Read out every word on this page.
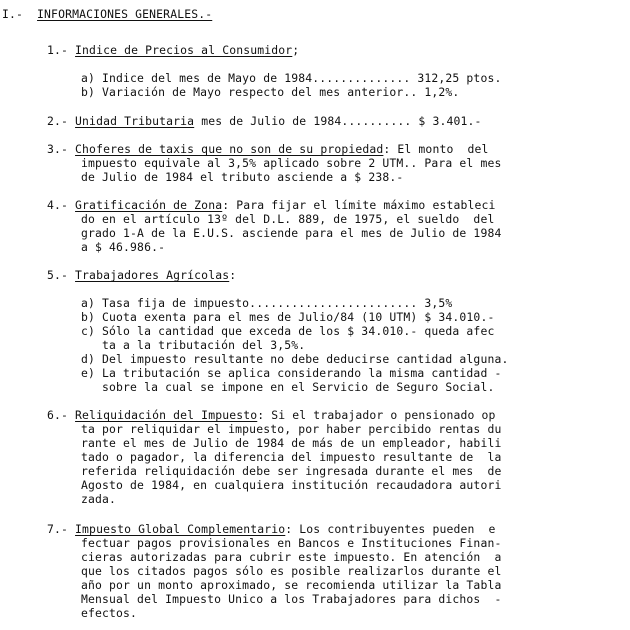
I.- INFORMACIONES GENERALES.-
1.- Indice de Precios al Consumidor;
a) Indice del mes de Mayo de 1984.............. 312,25 ptos.
b) Variación de Mayo respecto del mes anterior.. 1,2%.
2.- Unidad Tributaria mes de Julio de 1984.......... $ 3.401.-
3.- Choferes de taxis que no son de su propiedad: El monto  del
impuesto equivale al 3,5% aplicado sobre 2 UTM.. Para el mes
de Julio de 1984 el tributo asciende a $ 238.-
4.- Gratificación de Zona: Para fijar el límite máximo estableci
do en el artículo 13º del D.L. 889, de 1975, el sueldo  del
grado 1-A de la E.U.S. asciende para el mes de Julio de 1984
a $ 46.986.-
5.- Trabajadores Agrícolas:
a) Tasa fija de impuesto........................ 3,5%
b) Cuota exenta para el mes de Julio/84 (10 UTM) $ 34.010.-
c) Sólo la cantidad que exceda de los $ 34.010.- queda afec
ta a la tributación del 3,5%.
d) Del impuesto resultante no debe deducirse cantidad alguna.
e) La tributación se aplica considerando la misma cantidad -
sobre la cual se impone en el Servicio de Seguro Social.
6.- Reliquidación del Impuesto: Si el trabajador o pensionado op
ta por reliquidar el impuesto, por haber percibido rentas du
rante el mes de Julio de 1984 de más de un empleador, habili
tado o pagador, la diferencia del impuesto resultante de  la
referida reliquidación debe ser ingresada durante el mes  de
Agosto de 1984, en cualquiera institución recaudadora autori
zada.
7.- Impuesto Global Complementario: Los contribuyentes pueden  e
fectuar pagos provisionales en Bancos e Instituciones Finan-
cieras autorizadas para cubrir este impuesto. En atención  a
que los citados pagos sólo es posible realizarlos durante el
año por un monto aproximado, se recomienda utilizar la Tabla
Mensual del Impuesto Unico a los Trabajadores para dichos  -
efectos.
